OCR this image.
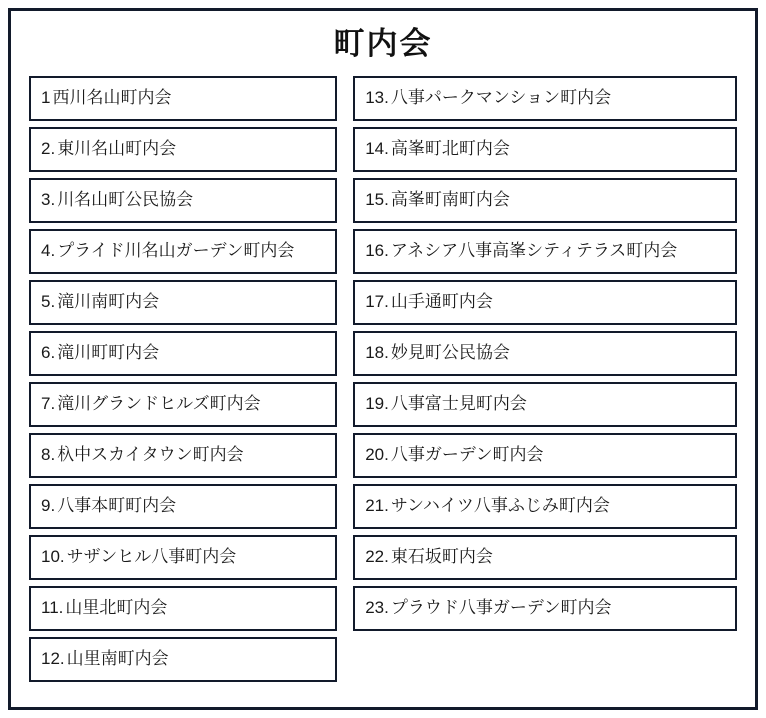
町内会
1 西川名山町内会
2. 東川名山町内会
3. 川名山町公民協会
4. プライド川名山ガーデン町内会
5. 滝川南町内会
6. 滝川町町内会
7. 滝川グランドヒルズ町内会
8. 杁中スカイタウン町内会
9. 八事本町町内会
10. サザンヒル八事町内会
11. 山里北町内会
12. 山里南町内会
13. 八事パークマンション町内会
14. 高峯町北町内会
15. 高峯町南町内会
16. アネシア八事高峯シティテラス町内会
17. 山手通町内会
18. 妙見町公民協会
19. 八事富士見町内会
20. 八事ガーデン町内会
21. サンハイツ八事ふじみ町内会
22. 東石坂町内会
23. プラウド八事ガーデン町内会
